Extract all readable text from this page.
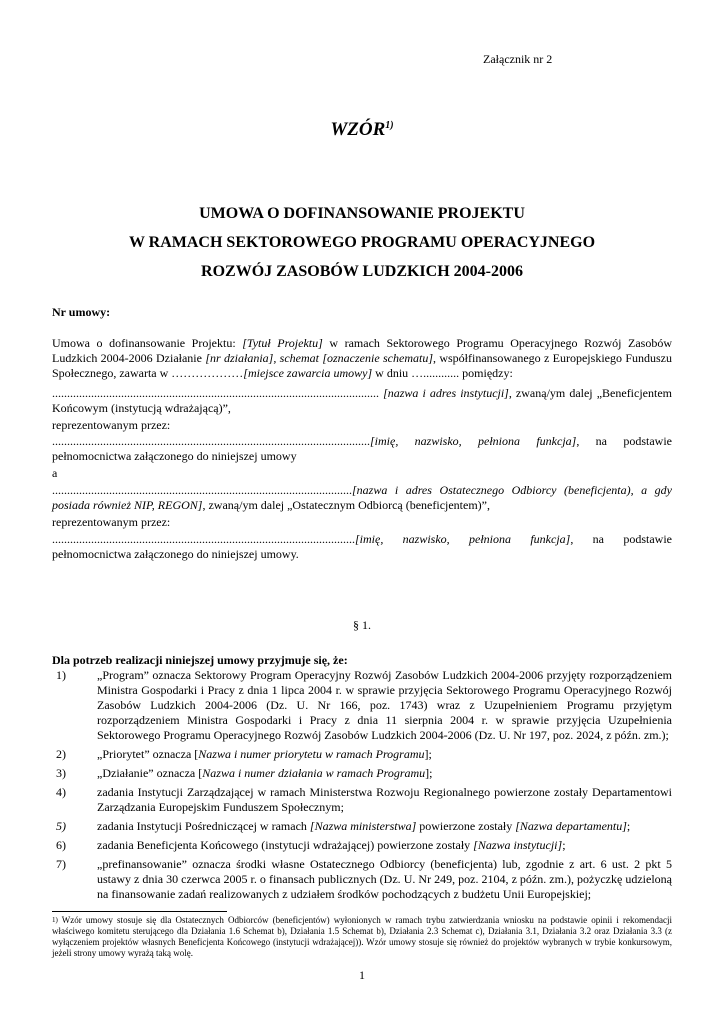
Załącznik nr 2
WZÓR$^{1)}$
UMOWA O DOFINANSOWANIE PROJEKTU
W RAMACH SEKTOROWEGO PROGRAMU OPERACYJNEGO
ROZWÓJ ZASOBÓW LUDZKICH 2004-2006
Nr umowy:
Umowa o dofinansowanie Projektu: [Tytuł Projektu] w ramach Sektorowego Programu Operacyjnego Rozwój Zasobów Ludzkich 2004-2006 Działanie [nr działania], schemat [oznaczenie schematu], współfinansowanego z Europejskiego Funduszu Społecznego, zawarta w ………………[miejsce zawarcia umowy] w dniu …............ pomiędzy:
............................................................................................................. [nazwa i adres instytucji], zwaną/ym dalej „Beneficjentem Końcowym (instytucją wdrażającą)”,
reprezentowanym przez:
..........................................................................................................[imię, nazwisko, pełniona funkcja], na podstawie pełnomocnictwa załączonego do niniejszej umowy
a
....................................................................................................[nazwa i adres Ostatecznego Odbiorcy (beneficjenta), a gdy posiada również NIP, REGON], zwaną/ym dalej „Ostatecznym Odbiorcą (beneficjentem)”,
reprezentowanym przez:
.....................................................................................................[imię, nazwisko, pełniona funkcja], na podstawie pełnomocnictwa załączonego do niniejszej umowy.
§ 1.
Dla potrzeb realizacji niniejszej umowy przyjmuje się, że:
1)	„Program” oznacza Sektorowy Program Operacyjny Rozwój Zasobów Ludzkich 2004-2006 przyjęty rozporządzeniem Ministra Gospodarki i Pracy z dnia 1 lipca 2004 r. w sprawie przyjęcia Sektorowego Programu Operacyjnego Rozwój Zasobów Ludzkich 2004-2006 (Dz. U. Nr 166, poz. 1743) wraz z Uzupełnieniem Programu przyjętym rozporządzeniem Ministra Gospodarki i Pracy z dnia 11 sierpnia 2004 r. w sprawie przyjęcia Uzupełnienia Sektorowego Programu Operacyjnego Rozwój Zasobów Ludzkich 2004-2006 (Dz. U. Nr 197, poz. 2024, z późn. zm.);
2)	„Priorytet” oznacza [Nazwa i numer priorytetu w ramach Programu];
3)	„Działanie” oznacza [Nazwa i numer działania w ramach Programu];
4)	zadania Instytucji Zarządzającej w ramach Ministerstwa Rozwoju Regionalnego powierzone zostały Departamentowi Zarządzania Europejskim Funduszem Społecznym;
5)	zadania Instytucji Pośredniczącej w ramach [Nazwa ministerstwa] powierzone zostały [Nazwa departamentu];
6)	zadania Beneficjenta Końcowego (instytucji wdrażającej) powierzone zostały [Nazwa instytucji];
7)	„prefinansowanie” oznacza środki własne Ostatecznego Odbiorcy (beneficjenta) lub, zgodnie z art. 6 ust. 2 pkt 5 ustawy z dnia 30 czerwca 2005 r. o finansach publicznych (Dz. U. Nr 249, poz. 2104, z późn. zm.), pożyczkę udzieloną na finansowanie zadań realizowanych z udziałem środków pochodzących z budżetu Unii Europejskiej;
$^{1)}$ Wzór umowy stosuje się dla Ostatecznych Odbiorców (beneficjentów) wyłonionych w ramach trybu zatwierdzania wniosku na podstawie opinii i rekomendacji właściwego komitetu sterującego dla Działania 1.6 Schemat b), Działania 1.5 Schemat b), Działania 2.3 Schemat c), Działania 3.1, Działania 3.2 oraz Działania 3.3 (z wyłączeniem projektów własnych Beneficjenta Końcowego (instytucji wdrażającej)). Wzór umowy stosuje się również do projektów wybranych w trybie konkursowym, jeżeli strony umowy wyrażą taką wolę.
1
